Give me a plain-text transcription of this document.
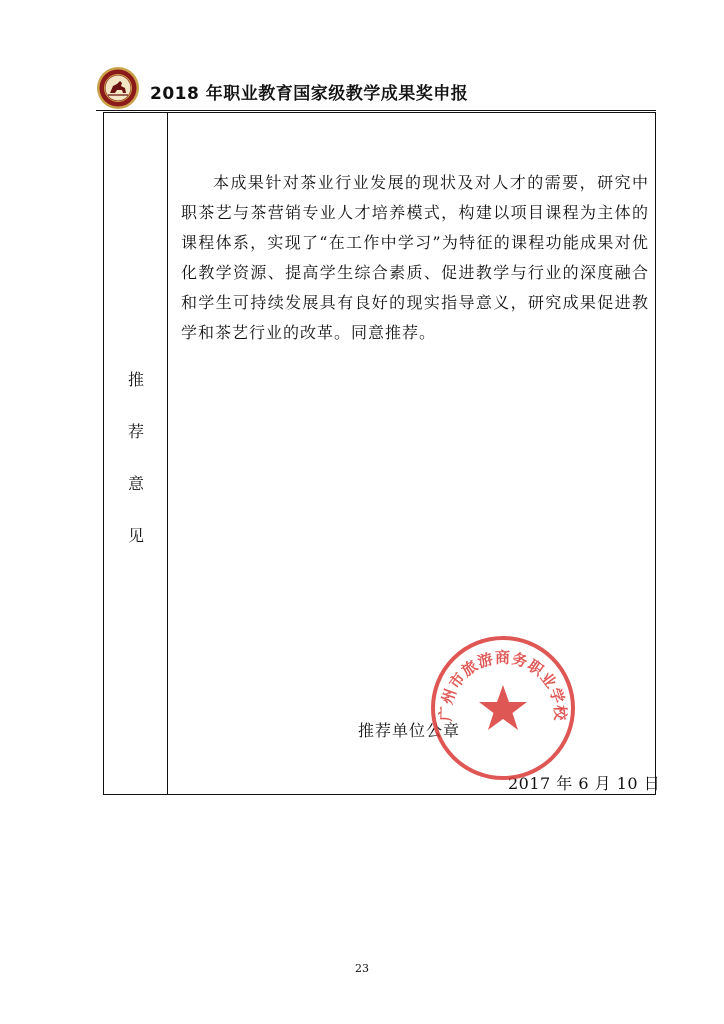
2018 年职业教育国家级教学成果奖申报
推
荐
意
见

本成果针对茶业行业发展的现状及对人才的需要，研究中职茶艺与茶营销专业人才培养模式，构建以项目课程为主体的课程体系，实现了“在工作中学习”为特征的课程功能成果对优化教学资源、提高学生综合素质、促进教学与行业的深度融合和学生可持续发展具有良好的现实指导意义，研究成果促进教学和茶艺行业的改革。同意推荐。

推荐单位公章
2017 年 6 月 10 日
广州市旅游商务职业学校
23
